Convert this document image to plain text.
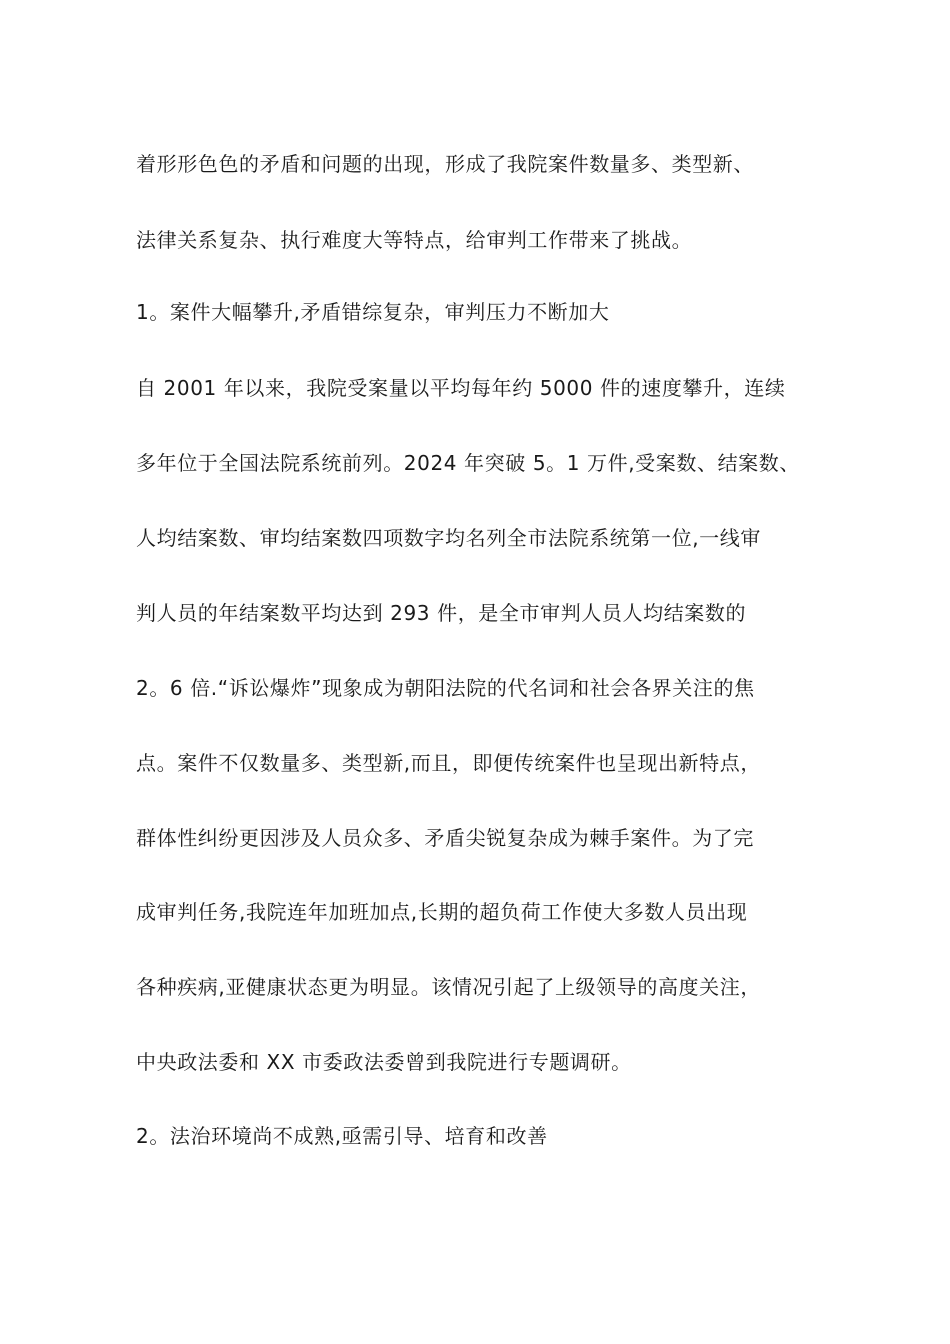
着形形色色的矛盾和问题的出现，形成了我院案件数量多、类型新、
法律关系复杂、执行难度大等特点，给审判工作带来了挑战。
1。案件大幅攀升,矛盾错综复杂，审判压力不断加大
自 2001 年以来，我院受案量以平均每年约 5000 件的速度攀升，连续
多年位于全国法院系统前列。2024 年突破 5。1 万件,受案数、结案数、
人均结案数、审均结案数四项数字均名列全市法院系统第一位,一线审
判人员的年结案数平均达到 293 件，是全市审判人员人均结案数的
2。6 倍.“诉讼爆炸”现象成为朝阳法院的代名词和社会各界关注的焦
点。案件不仅数量多、类型新,而且，即便传统案件也呈现出新特点，
群体性纠纷更因涉及人员众多、矛盾尖锐复杂成为棘手案件。为了完
成审判任务,我院连年加班加点,长期的超负荷工作使大多数人员出现
各种疾病,亚健康状态更为明显。该情况引起了上级领导的高度关注，
中央政法委和 XX 市委政法委曾到我院进行专题调研。
2。法治环境尚不成熟,亟需引导、培育和改善
